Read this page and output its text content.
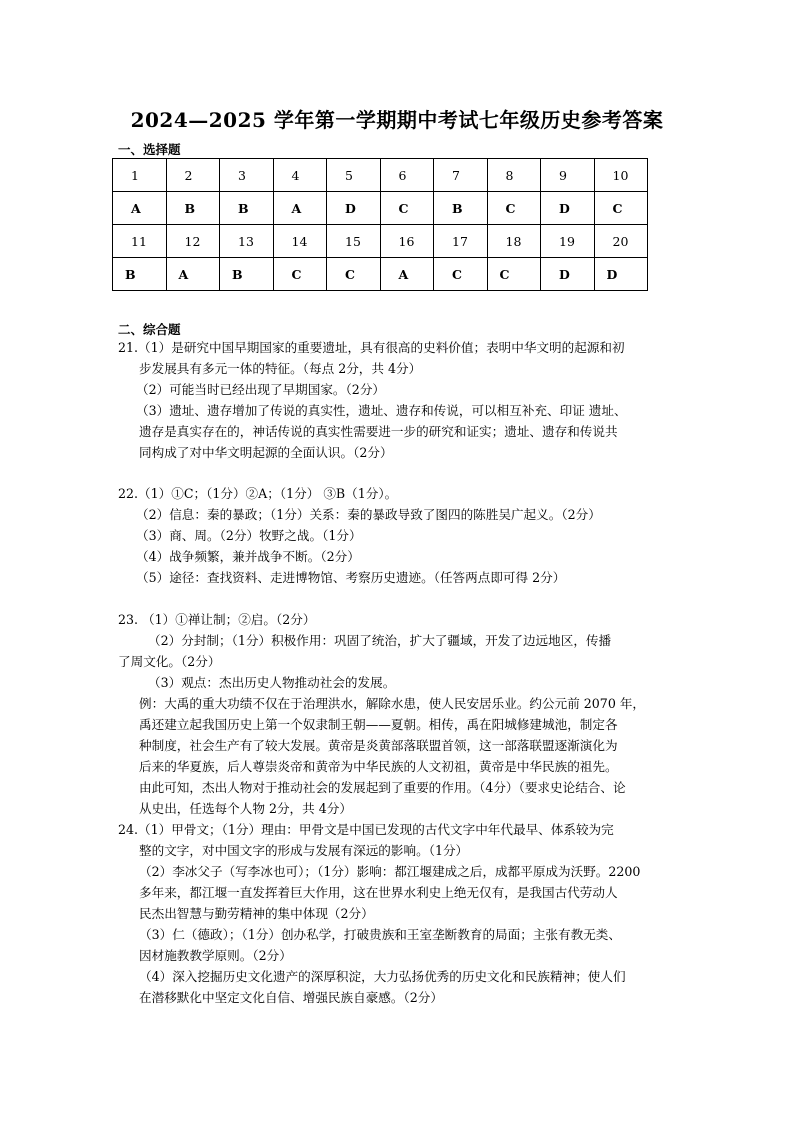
2024—2025 学年第一学期期中考试七年级历史参考答案
一、选择题
1	2	3	4	5	6	7	8	9	10
A	B	B	A	D	C	B	C	D	C
11	12	13	14	15	16	17	18	19	20
B	A	B	C	C	A	C	C	D	D
二、综合题
21.（1）是研究中国早期国家的重要遗址，具有很高的史料价值；表明中华文明的起源和初
步发展具有多元一体的特征。（每点 2分，共 4分）
（2）可能当时已经出现了早期国家。（2分）
（3）遗址、遗存增加了传说的真实性，遗址、遗存和传说，可以相互补充、印证 遗址、
遗存是真实存在的，神话传说的真实性需要进一步的研究和证实；遗址、遗存和传说共
同构成了对中华文明起源的全面认识。（2分）
22.（1）①C；（1分）②A；（1分） ③B（1分）。
（2）信息：秦的暴政；（1分）关系：秦的暴政导致了图四的陈胜吴广起义。（2分）
（3）商、周。（2分）牧野之战。（1分）
（4）战争频繁，兼并战争不断。（2分）
（5）途径：查找资料、走进博物馆、考察历史遗迹。（任答两点即可得 2分）
23. （1）①禅让制；②启。（2分）
（2）分封制；（1分）积极作用：巩固了统治，扩大了疆域，开发了边远地区，传播
了周文化。（2分）
（3）观点：杰出历史人物推动社会的发展。
例：大禹的重大功绩不仅在于治理洪水，解除水患，使人民安居乐业。约公元前 2070 年，
禹还建立起我国历史上第一个奴隶制王朝——夏朝。相传，禹在阳城修建城池，制定各
种制度，社会生产有了较大发展。黄帝是炎黄部落联盟首领，这一部落联盟逐渐演化为
后来的华夏族，后人尊崇炎帝和黄帝为中华民族的人文初祖，黄帝是中华民族的祖先。
由此可知，杰出人物对于推动社会的发展起到了重要的作用。（4分）（要求史论结合、论
从史出，任选每个人物 2分，共 4分）
24.（1）甲骨文；（1分）理由：甲骨文是中国已发现的古代文字中年代最早、体系较为完
整的文字，对中国文字的形成与发展有深远的影响。（1分）
（2）李冰父子（写李冰也可）；（1分）影响：都江堰建成之后，成都平原成为沃野。2200
多年来，都江堰一直发挥着巨大作用，这在世界水利史上绝无仅有，是我国古代劳动人
民杰出智慧与勤劳精神的集中体现（2分）
（3）仁（德政）；（1分）创办私学，打破贵族和王室垄断教育的局面；主张有教无类、
因材施教教学原则。（2分）
（4）深入挖掘历史文化遗产的深厚积淀，大力弘扬优秀的历史文化和民族精神；使人们
在潜移默化中坚定文化自信、增强民族自豪感。（2分）
